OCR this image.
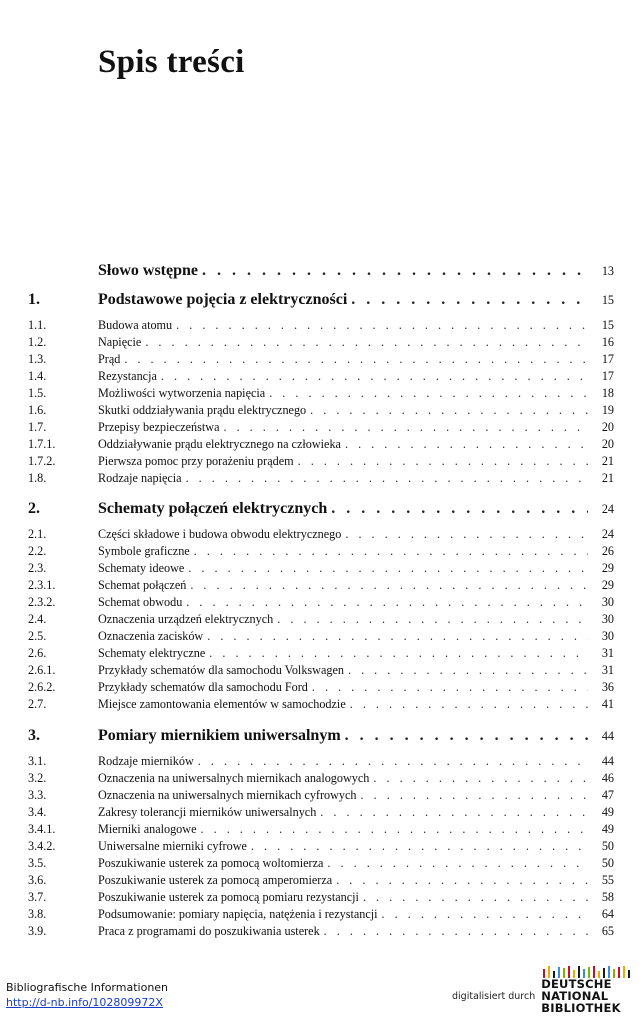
Spis treści
Słowo wstępne . . .	13
1.	Podstawowe pojęcia z elektryczności . . .	15
1.1.	Budowa atomu . . .	15
1.2.	Napięcie . . .	16
1.3.	Prąd . . .	17
1.4.	Rezystancja . . .	17
1.5.	Możliwości wytworzenia napięcia . . .	18
1.6.	Skutki oddziaływania prądu elektrycznego . . .	19
1.7.	Przepisy bezpieczeństwa . . .	20
1.7.1.	Oddziaływanie prądu elektrycznego na człowieka . . .	20
1.7.2.	Pierwsza pomoc przy porażeniu prądem . . .	21
1.8.	Rodzaje napięcia . . .	21
2.	Schematy połączeń elektrycznych . . .	24
2.1.	Części składowe i budowa obwodu elektrycznego . . .	24
2.2.	Symbole graficzne . . .	26
2.3.	Schematy ideowe . . .	29
2.3.1.	Schemat połączeń . . .	29
2.3.2.	Schemat obwodu . . .	30
2.4.	Oznaczenia urządzeń elektrycznych . . .	30
2.5.	Oznaczenia zacisków . . .	30
2.6.	Schematy elektryczne . . .	31
2.6.1.	Przykłady schematów dla samochodu Volkswagen . . .	31
2.6.2.	Przykłady schematów dla samochodu Ford . . .	36
2.7.	Miejsce zamontowania elementów w samochodzie . . .	41
3.	Pomiary miernikiem uniwersalnym . . .	44
3.1.	Rodzaje mierników . . .	44
3.2.	Oznaczenia na uniwersalnych miernikach analogowych . . .	46
3.3.	Oznaczenia na uniwersalnych miernikach cyfrowych . . .	47
3.4.	Zakresy tolerancji mierników uniwersalnych . . .	49
3.4.1.	Mierniki analogowe . . .	49
3.4.2.	Uniwersalne mierniki cyfrowe . . .	50
3.5.	Poszukiwanie usterek za pomocą woltomierza . . .	50
3.6.	Poszukiwanie usterek za pomocą amperomierza . . .	55
3.7.	Poszukiwanie usterek za pomocą pomiaru rezystancji . . .	58
3.8.	Podsumowanie: pomiary napięcia, natężenia i rezystancji . . .	64
3.9.	Praca z programami do poszukiwania usterek . . .	65
Bibliografische Informationen
http://d-nb.info/102809972X	digitalisiert durch
DEUTSCHE
NATIONAL
BIBLIOTHEK
